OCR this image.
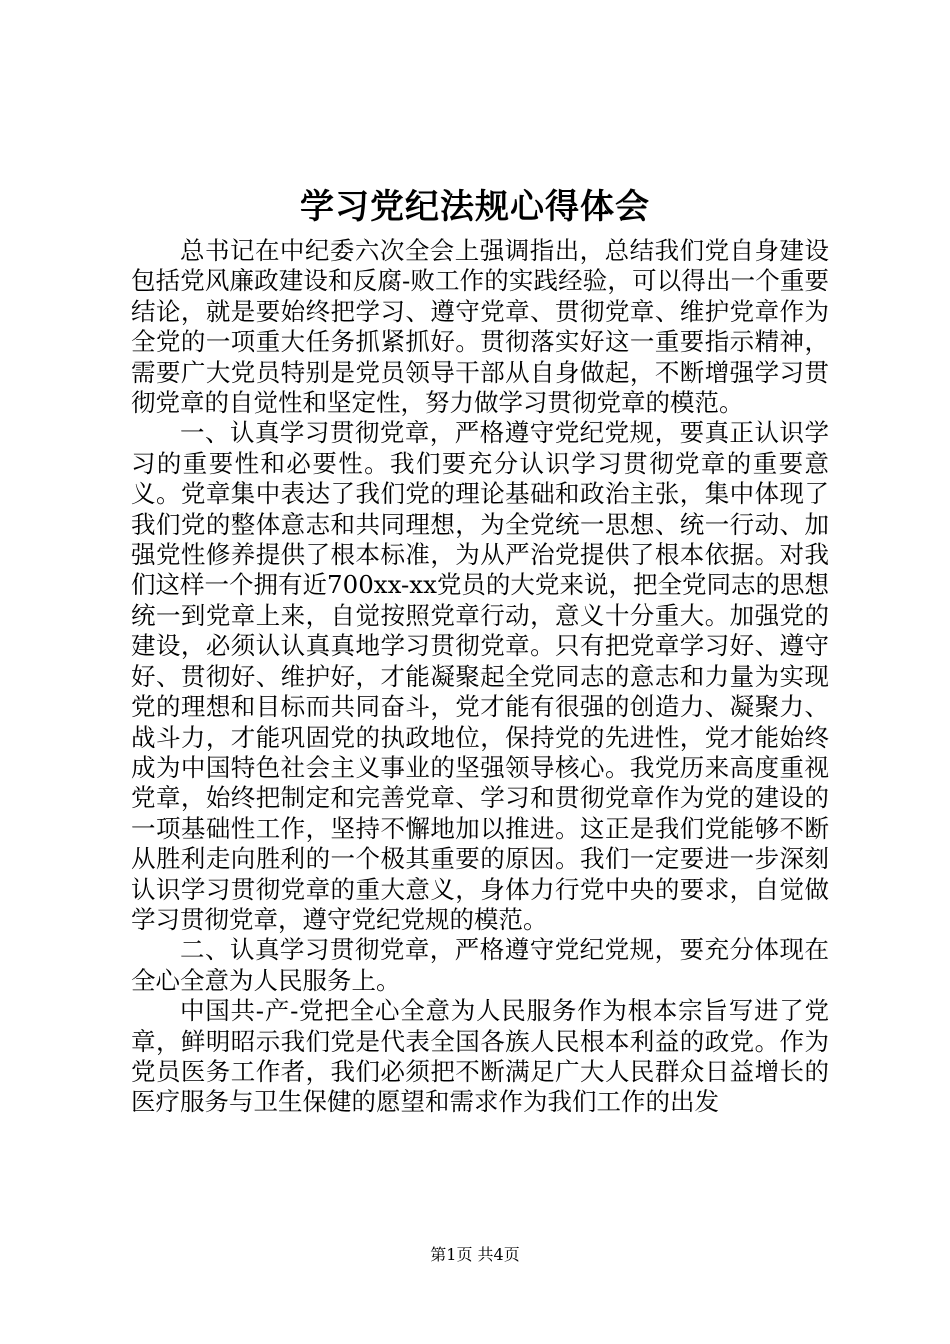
学习党纪法规心得体会

总书记在中纪委六次全会上强调指出，总结我们党自身建设包括党风廉政建设和反腐-败工作的实践经验，可以得出一个重要结论，就是要始终把学习、遵守党章、贯彻党章、维护党章作为全党的一项重大任务抓紧抓好。贯彻落实好这一重要指示精神，需要广大党员特别是党员领导干部从自身做起，不断增强学习贯彻党章的自觉性和坚定性，努力做学习贯彻党章的模范。

一、认真学习贯彻党章，严格遵守党纪党规，要真正认识学习的重要性和必要性。我们要充分认识学习贯彻党章的重要意义。党章集中表达了我们党的理论基础和政治主张，集中体现了我们党的整体意志和共同理想，为全党统一思想、统一行动、加强党性修养提供了根本标准，为从严治党提供了根本依据。对我们这样一个拥有近700xx-xx党员的大党来说，把全党同志的思想统一到党章上来，自觉按照党章行动，意义十分重大。加强党的建设，必须认认真真地学习贯彻党章。只有把党章学习好、遵守好、贯彻好、维护好，才能凝聚起全党同志的意志和力量为实现党的理想和目标而共同奋斗，党才能有很强的创造力、凝聚力、战斗力，才能巩固党的执政地位，保持党的先进性，党才能始终成为中国特色社会主义事业的坚强领导核心。我党历来高度重视党章，始终把制定和完善党章、学习和贯彻党章作为党的建设的一项基础性工作，坚持不懈地加以推进。这正是我们党能够不断从胜利走向胜利的一个极其重要的原因。我们一定要进一步深刻认识学习贯彻党章的重大意义，身体力行党中央的要求，自觉做学习贯彻党章，遵守党纪党规的模范。

二、认真学习贯彻党章，严格遵守党纪党规，要充分体现在全心全意为人民服务上。

中国共-产-党把全心全意为人民服务作为根本宗旨写进了党章，鲜明昭示我们党是代表全国各族人民根本利益的政党。作为党员医务工作者，我们必须把不断满足广大人民群众日益增长的医疗服务与卫生保健的愿望和需求作为我们工作的出发

第1页 共4页
